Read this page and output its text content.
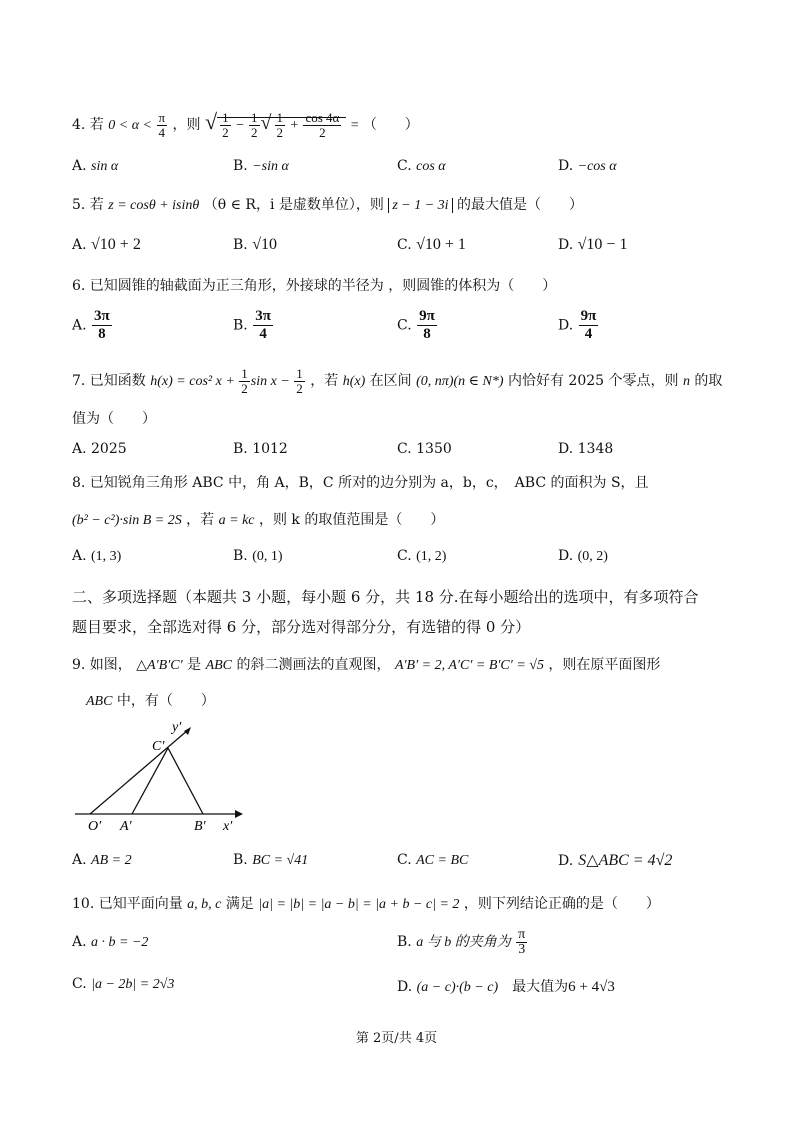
4. 若 $0 < \alpha < \frac{\pi}{4}$ ，则 √ $\frac{1}{2} - \frac{1}{2}$ √ $\frac{1}{2} + \frac{\cos 4\alpha}{2}$ = （　　）
A. sin α	B. −sin α	C. cos α	D. −cos α
5. 若 z = cosθ + isinθ （θ ∈ R，i 是虚数单位），则 z − 1 − 3i 的最大值是（　　）
A. √10 + 2	B. √10	C. √10 + 1	D. √10 − 1
6. 已知圆锥的轴截面为正三角形，外接球的半径为 ，则圆锥的体积为（　　）
A. $\frac{3\pi}{8}$	B. $\frac{3\pi}{4}$	C. $\frac{9\pi}{8}$	D. $\frac{9\pi}{4}$
7. 已知函数 h(x) = cos² $x + \frac{1}{2}$ $\sin x - \frac{1}{2}$ ，若 h(x) 在区间 (0, nπ)(n ∈ N*) 内恰好有 2025 个零点，则 n 的取
值为（　　）
A. 2025	B. 1012	C. 1350	D. 1348
8. 已知锐角三角形 ABC 中，角 A，B，C 所对的边分别为 a，b，c，　ABC 的面积为 S，且
(b² − c²)·sin B = 2S ，若 a = kc ，则 k 的取值范围是（　　）
A. (1, 3)	B. (0, 1)	C. (1, 2)	D. (0, 2)
二、多项选择题（本题共 3 小题，每小题 6 分，共 18 分.在每小题给出的选项中，有多项符合
题目要求，全部选对得 6 分，部分选对得部分分，有选错的得 0 分）
9. 如图， △A′B′C′ 是 ABC 的斜二测画法的直观图， A′B′ = 2, A′C′ = B′C′ = √5 ，则在原平面图形
ABC 中，有（　　）
y′
C′
O′ A′	B′ x′
A. AB = 2	B. BC = √41	C. AC = BC	D. S△ABC = 4√2
10. 已知平面向量 a, b, c 满足 |a| = |b| = |a − b| = |a + b − c| = 2 ，则下列结论正确的是（　　）
A. a · b = −2	B. a 与 b 的夹角为 $\frac{\pi}{3}$
C. |a − 2b| = 2√3	D. (a − c)·(b − c)　 最大值为6 + 4√3
第 2页/共 4页
